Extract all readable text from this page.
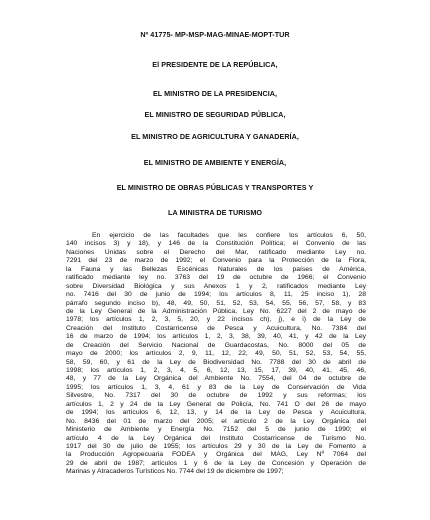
Nº 41775- MP-MSP-MAG-MINAE-MOPT-TUR
El PRESIDENTE DE LA REPÚBLICA,
EL MINISTRO DE LA PRESIDENCIA,
EL MINISTRO DE SEGURIDAD PÚBLICA,
EL MINISTRO DE AGRICULTURA Y GANADERÍA,
EL MINISTRO DE AMBIENTE Y ENERGÍA,
EL MINISTRO DE OBRAS PÚBLICAS Y TRANSPORTES Y
LA MINISTRA DE TURISMO
En ejercicio de las facultades que les confiere los artículos 6, 50,
140 incisos 3) y 18), y 146 de la Constitución Política; el Convenio de las
Naciones Unidas sobre el Derecho del Mar, ratificado mediante Ley no.
7291 del 23 de marzo de 1992; el Convenio para la Protección de la Flora,
la Fauna y las Bellezas Escénicas Naturales de los países de América,
ratificado mediante ley no. 3763 del 19 de octubre de 1966; el Convenio
sobre Diversidad Biológica y sus Anexos 1 y 2, ratificados mediante Ley
no. 7416 del 30 de junio de 1994; los artículos 8, 11, 25 inciso 1), 28
párrafo segundo inciso b), 48, 49, 50, 51, 52, 53, 54, 55, 56, 57, 58, y 83
de la Ley General de la Administración Pública, Ley No. 6227 del 2 de mayo de
1978; los artículos 1, 2, 3, 5, 20, y 22 incisos ch), j), e i) de la Ley de
Creación del Instituto Costarricense de Pesca y Acuicultura, No. 7384 del
16 de marzo de 1994; los artículos 1, 2, 3, 38, 39, 40, 41, y 42 de la Ley
de Creación del Servicio Nacional de Guardacostas, No. 8000 del 05 de
mayo de 2000; los artículos 2, 9, 11, 12, 22, 49, 50, 51, 52, 53, 54, 55,
58, 59, 60, y 61 de la Ley de Biodiversidad No. 7788 del 30 de abril de
1998; los artículos 1, 2, 3, 4, 5, 6, 12, 13, 15, 17, 39, 40, 41, 45, 46,
48, y 77 de la Ley Orgánica del Ambiente No. 7554, del 04 de octubre de
1995; los artículos 1, 3, 4, 61 y 83 de la Ley de Conservación de Vida
Silvestre, No. 7317 del 30 de octubre de 1992 y sus reformas; los
artículos 1, 2 y 24 de la Ley General de Policía, No. 741 O del 26 de mayo
de 1994; los artículos 6, 12, 13, y 14 de la Ley de Pesca y Acuicultura,
No. 8436 del 01 de marzo del 2005; el artículo 2 de la Ley Orgánica del
Ministerio de Ambiente y Energía No. 7152 del 5 de junio de 1990; el
artículo 4 de la Ley Orgánica del Instituto Costarricense de Turismo No.
1917 del 30 de julio de 1955; los artículos 29 y 30 de la Ley de Fomento a
la Producción Agropecuaria FODEA y Orgánica del MAG, Ley Nº 7064 del
29 de abril de 1987; artículos 1 y 6 de la Ley de Concesión y Operación de
Marinas y Atracaderos Turísticos No. 7744 del 19 de diciembre de 1997;
